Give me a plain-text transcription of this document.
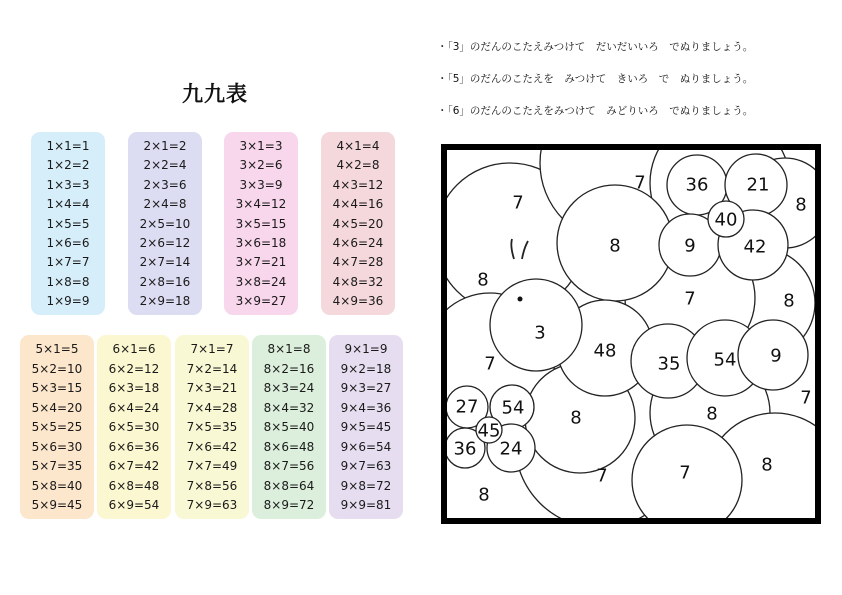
九九表
・「3」のだんのこたえみつけて　だいだいいろ　でぬりましょう。
・「5」のだんのこたえを　みつけて　きいろ　で　ぬりましょう。
・「6」のだんのこたえをみつけて　みどりいろ　でぬりましょう。
1×1=1
1×2=2
1×3=3
1×4=4
1×5=5
1×6=6
1×7=7
1×8=8
1×9=9
2×1=2
2×2=4
2×3=6
2×4=8
2×5=10
2×6=12
2×7=14
2×8=16
2×9=18
3×1=3
3×2=6
3×3=9
3×4=12
3×5=15
3×6=18
3×7=21
3×8=24
3×9=27
4×1=4
4×2=8
4×3=12
4×4=16
4×5=20
4×6=24
4×7=28
4×8=32
4×9=36
5×1=5
5×2=10
5×3=15
5×4=20
5×5=25
5×6=30
5×7=35
5×8=40
5×9=45
6×1=6
6×2=12
6×3=18
6×4=24
6×5=30
6×6=36
6×7=42
6×8=48
6×9=54
7×1=7
7×2=14
7×3=21
7×4=28
7×5=35
7×6=42
7×7=49
7×8=56
7×9=63
8×1=8
8×2=16
8×3=24
8×4=32
8×5=40
8×6=48
8×7=56
8×8=64
8×9=72
9×1=9
9×2=18
9×3=27
9×4=36
9×5=45
9×6=54
9×7=63
9×8=72
9×9=81
7
7 36 21
40
8
8	9	42
8
7	8
3
7
48
35 54 9
27 54
45
36 24
8	8
7
7	7	8
8
